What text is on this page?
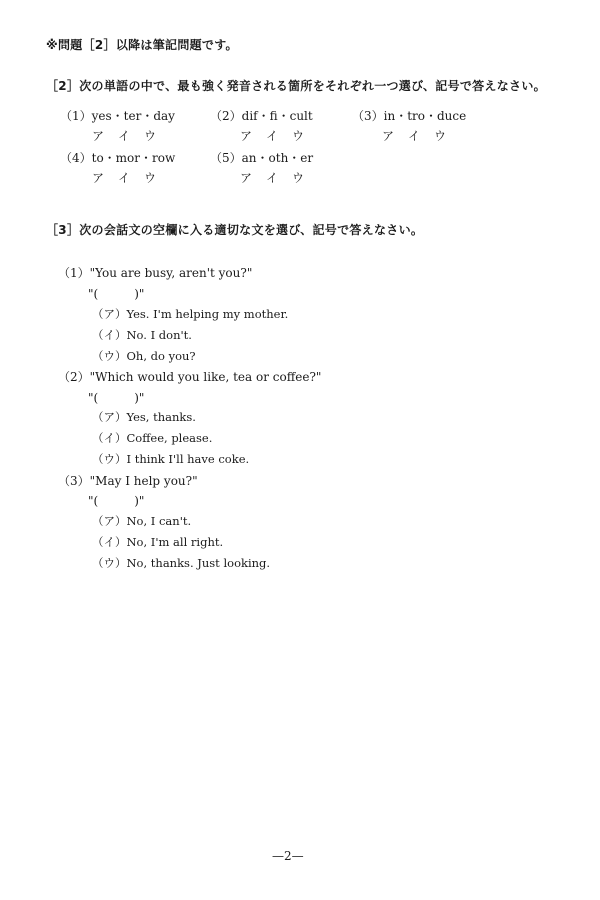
※問題［2］以降は筆記問題です。
［2］次の単語の中で、最も強く発音される箇所をそれぞれ一つ選び、記号で答えなさい。
（1）yes・ter・day
ア イ ウ
（2）dif・fi・cult
ア イ ウ
（3）in・tro・duce
ア イ ウ
（4）to・mor・row
ア イ ウ
（5）an・oth・er
ア イ ウ
［3］次の会話文の空欄に入る適切な文を選び、記号で答えなさい。
（1）"You are busy, aren't you?"
"(　　　)"
（ア）Yes. I'm helping my mother.
（イ）No. I don't.
（ウ）Oh, do you?
（2）"Which would you like, tea or coffee?"
"(　　　)"
（ア）Yes, thanks.
（イ）Coffee, please.
（ウ）I think I'll have coke.
（3）"May I help you?"
"(　　　)"
（ア）No, I can't.
（イ）No, I'm all right.
（ウ）No, thanks. Just looking.
—2—
